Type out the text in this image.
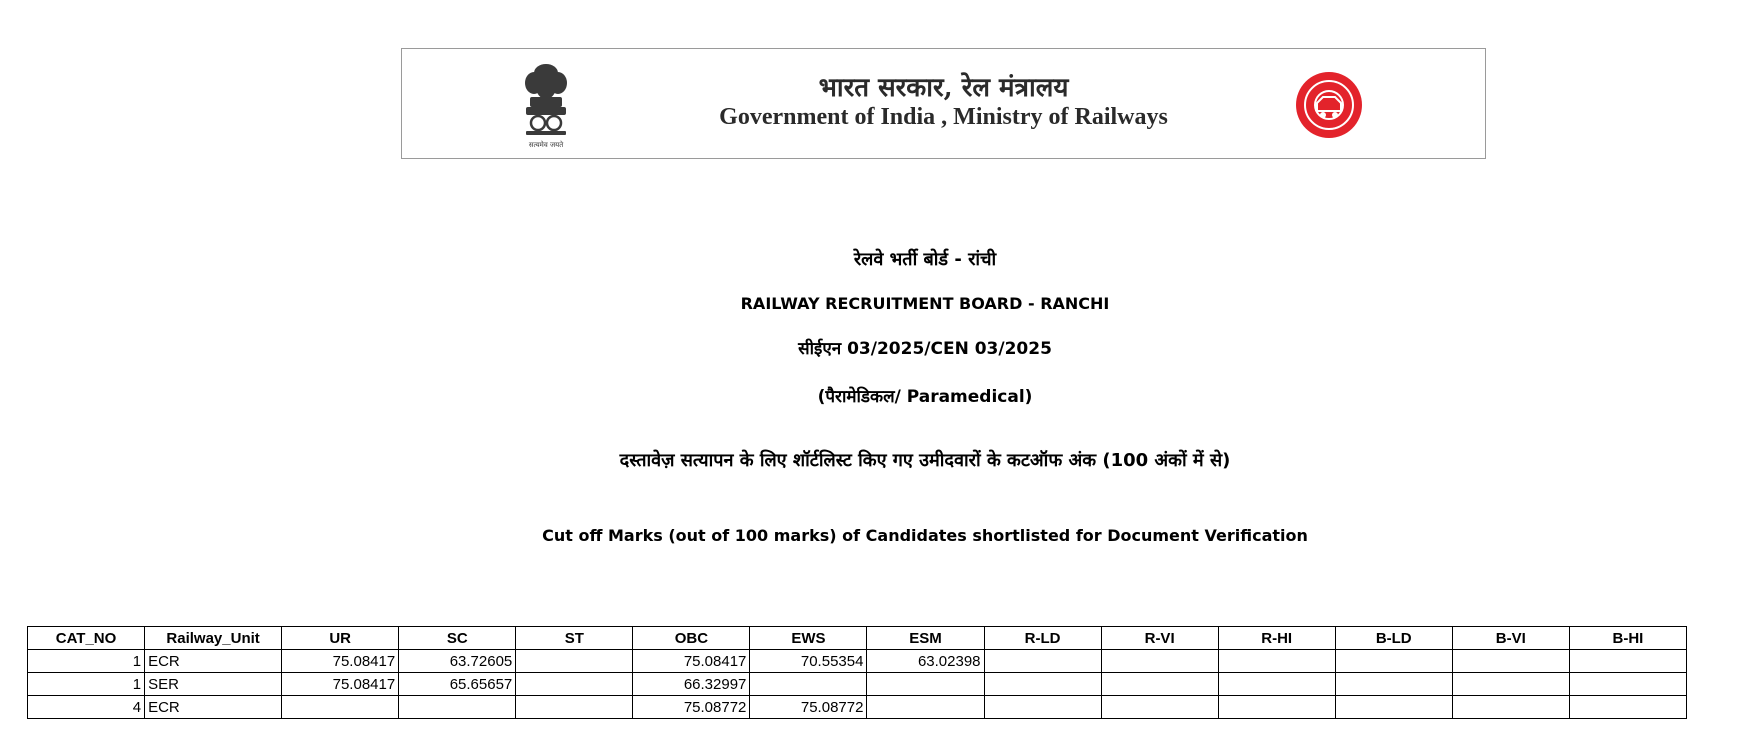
सत्यमेव जयते
भारत सरकार, रेल मंत्रालय
Government of India , Ministry of Railways
रेलवे भर्ती बोर्ड - रांची
RAILWAY RECRUITMENT BOARD - RANCHI
सीईएन 03/2025/CEN 03/2025
(पैरामेडिकल/ Paramedical)
दस्तावेज़ सत्यापन के लिए शॉर्टलिस्ट किए गए उमीदवारों के कटऑफ अंक (100 अंकों में से)
Cut off Marks (out of 100 marks) of Candidates shortlisted for Document Verification
CAT_NO	Railway_Unit	UR	SC	ST	OBC	EWS	ESM	R-LD	R-VI	R-HI	B-LD	B-VI	B-HI
1	ECR	75.08417	63.72605		75.08417	70.55354	63.02398						
1	SER	75.08417	65.65657		66.32997								
4	ECR				75.08772	75.08772							
